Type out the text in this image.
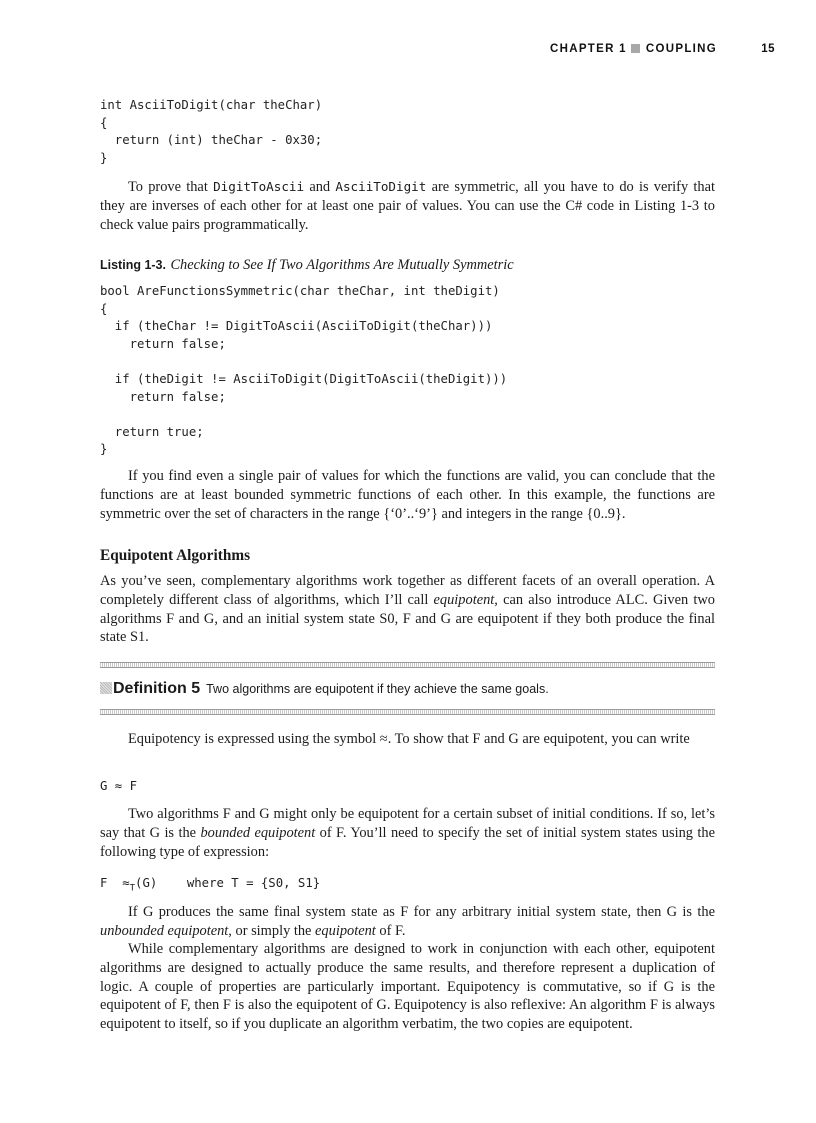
CHAPTER 1 COUPLING	15
int AsciiToDigit(char theChar)
{
return (int) theChar - 0x30;
}

To prove that DigitToAscii and AsciiToDigit are symmetric, all you have to do is verify that they are inverses of each other for at least one pair of values. You can use the C# code in Listing 1-3 to check value pairs programmatically.

Listing 1-3. Checking to See If Two Algorithms Are Mutually Symmetric

bool AreFunctionsSymmetric(char theChar, int theDigit)
{
if (theChar != DigitToAscii(AsciiToDigit(theChar)))
return false;

if (theDigit != AsciiToDigit(DigitToAscii(theDigit)))
return false;

return true;
}

If you find even a single pair of values for which the functions are valid, you can conclude that the functions are at least bounded symmetric functions of each other. In this example, the functions are symmetric over the set of characters in the range {‘0’..‘9’} and integers in the range {0..9}.

Equipotent Algorithms

As you’ve seen, complementary algorithms work together as different facets of an overall operation. A completely different class of algorithms, which I’ll call equipotent, can also introduce ALC. Given two algorithms F and G, and an initial system state S0, F and G are equipotent if they both produce the final state S1.

Definition 5 Two algorithms are equipotent if they achieve the same goals.

Equipotency is expressed using the symbol ≈. To show that F and G are equipotent, you can write

G ≈ F

Two algorithms F and G might only be equipotent for a certain subset of initial conditions. If so, let’s say that G is the bounded equipotent of F. You’ll need to specify the set of initial system states using the following type of expression:

$F \approx_T(G)$    where T = {S0, S1}

If G produces the same final system state as F for any arbitrary initial system state, then G is the unbounded equipotent, or simply the equipotent of F.

While complementary algorithms are designed to work in conjunction with each other, equipotent algorithms are designed to actually produce the same results, and therefore represent a duplication of logic. A couple of properties are particularly important. Equipotency is commutative, so if G is the equipotent of F, then F is also the equipotent of G. Equipotency is also reflexive: An algorithm F is always equipotent to itself, so if you duplicate an algorithm verbatim, the two copies are equipotent.
